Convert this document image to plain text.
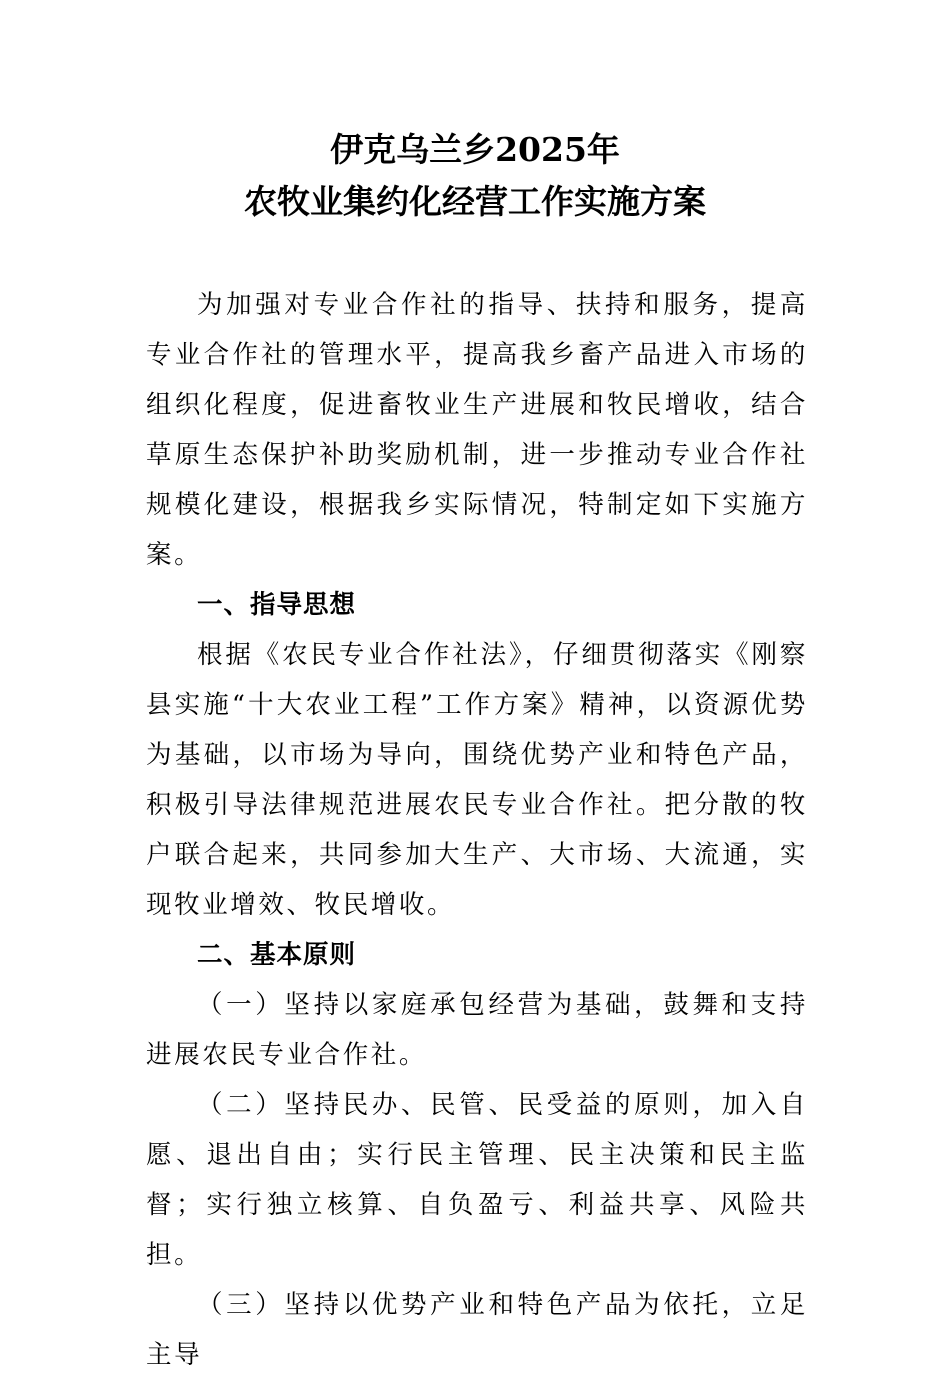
伊克乌兰乡2025年
农牧业集约化经营工作实施方案

为加强对专业合作社的指导、扶持和服务，提高专业合作社的管理水平，提高我乡畜产品进入市场的组织化程度，促进畜牧业生产进展和牧民增收，结合草原生态保护补助奖励机制，进一步推动专业合作社规模化建设，根据我乡实际情况，特制定如下实施方案。

一、指导思想

根据《农民专业合作社法》，仔细贯彻落实《刚察县实施“十大农业工程”工作方案》精神，以资源优势为基础，以市场为导向，围绕优势产业和特色产品，积极引导法律规范进展农民专业合作社。把分散的牧户联合起来，共同参加大生产、大市场、大流通，实现牧业增效、牧民增收。

二、基本原则

（一）坚持以家庭承包经营为基础，鼓舞和支持进展农民专业合作社。

（二）坚持民办、民管、民受益的原则，加入自愿、退出自由；实行民主管理、民主决策和民主监督；实行独立核算、自负盈亏、利益共享、风险共担。

（三）坚持以优势产业和特色产品为依托，立足主导
